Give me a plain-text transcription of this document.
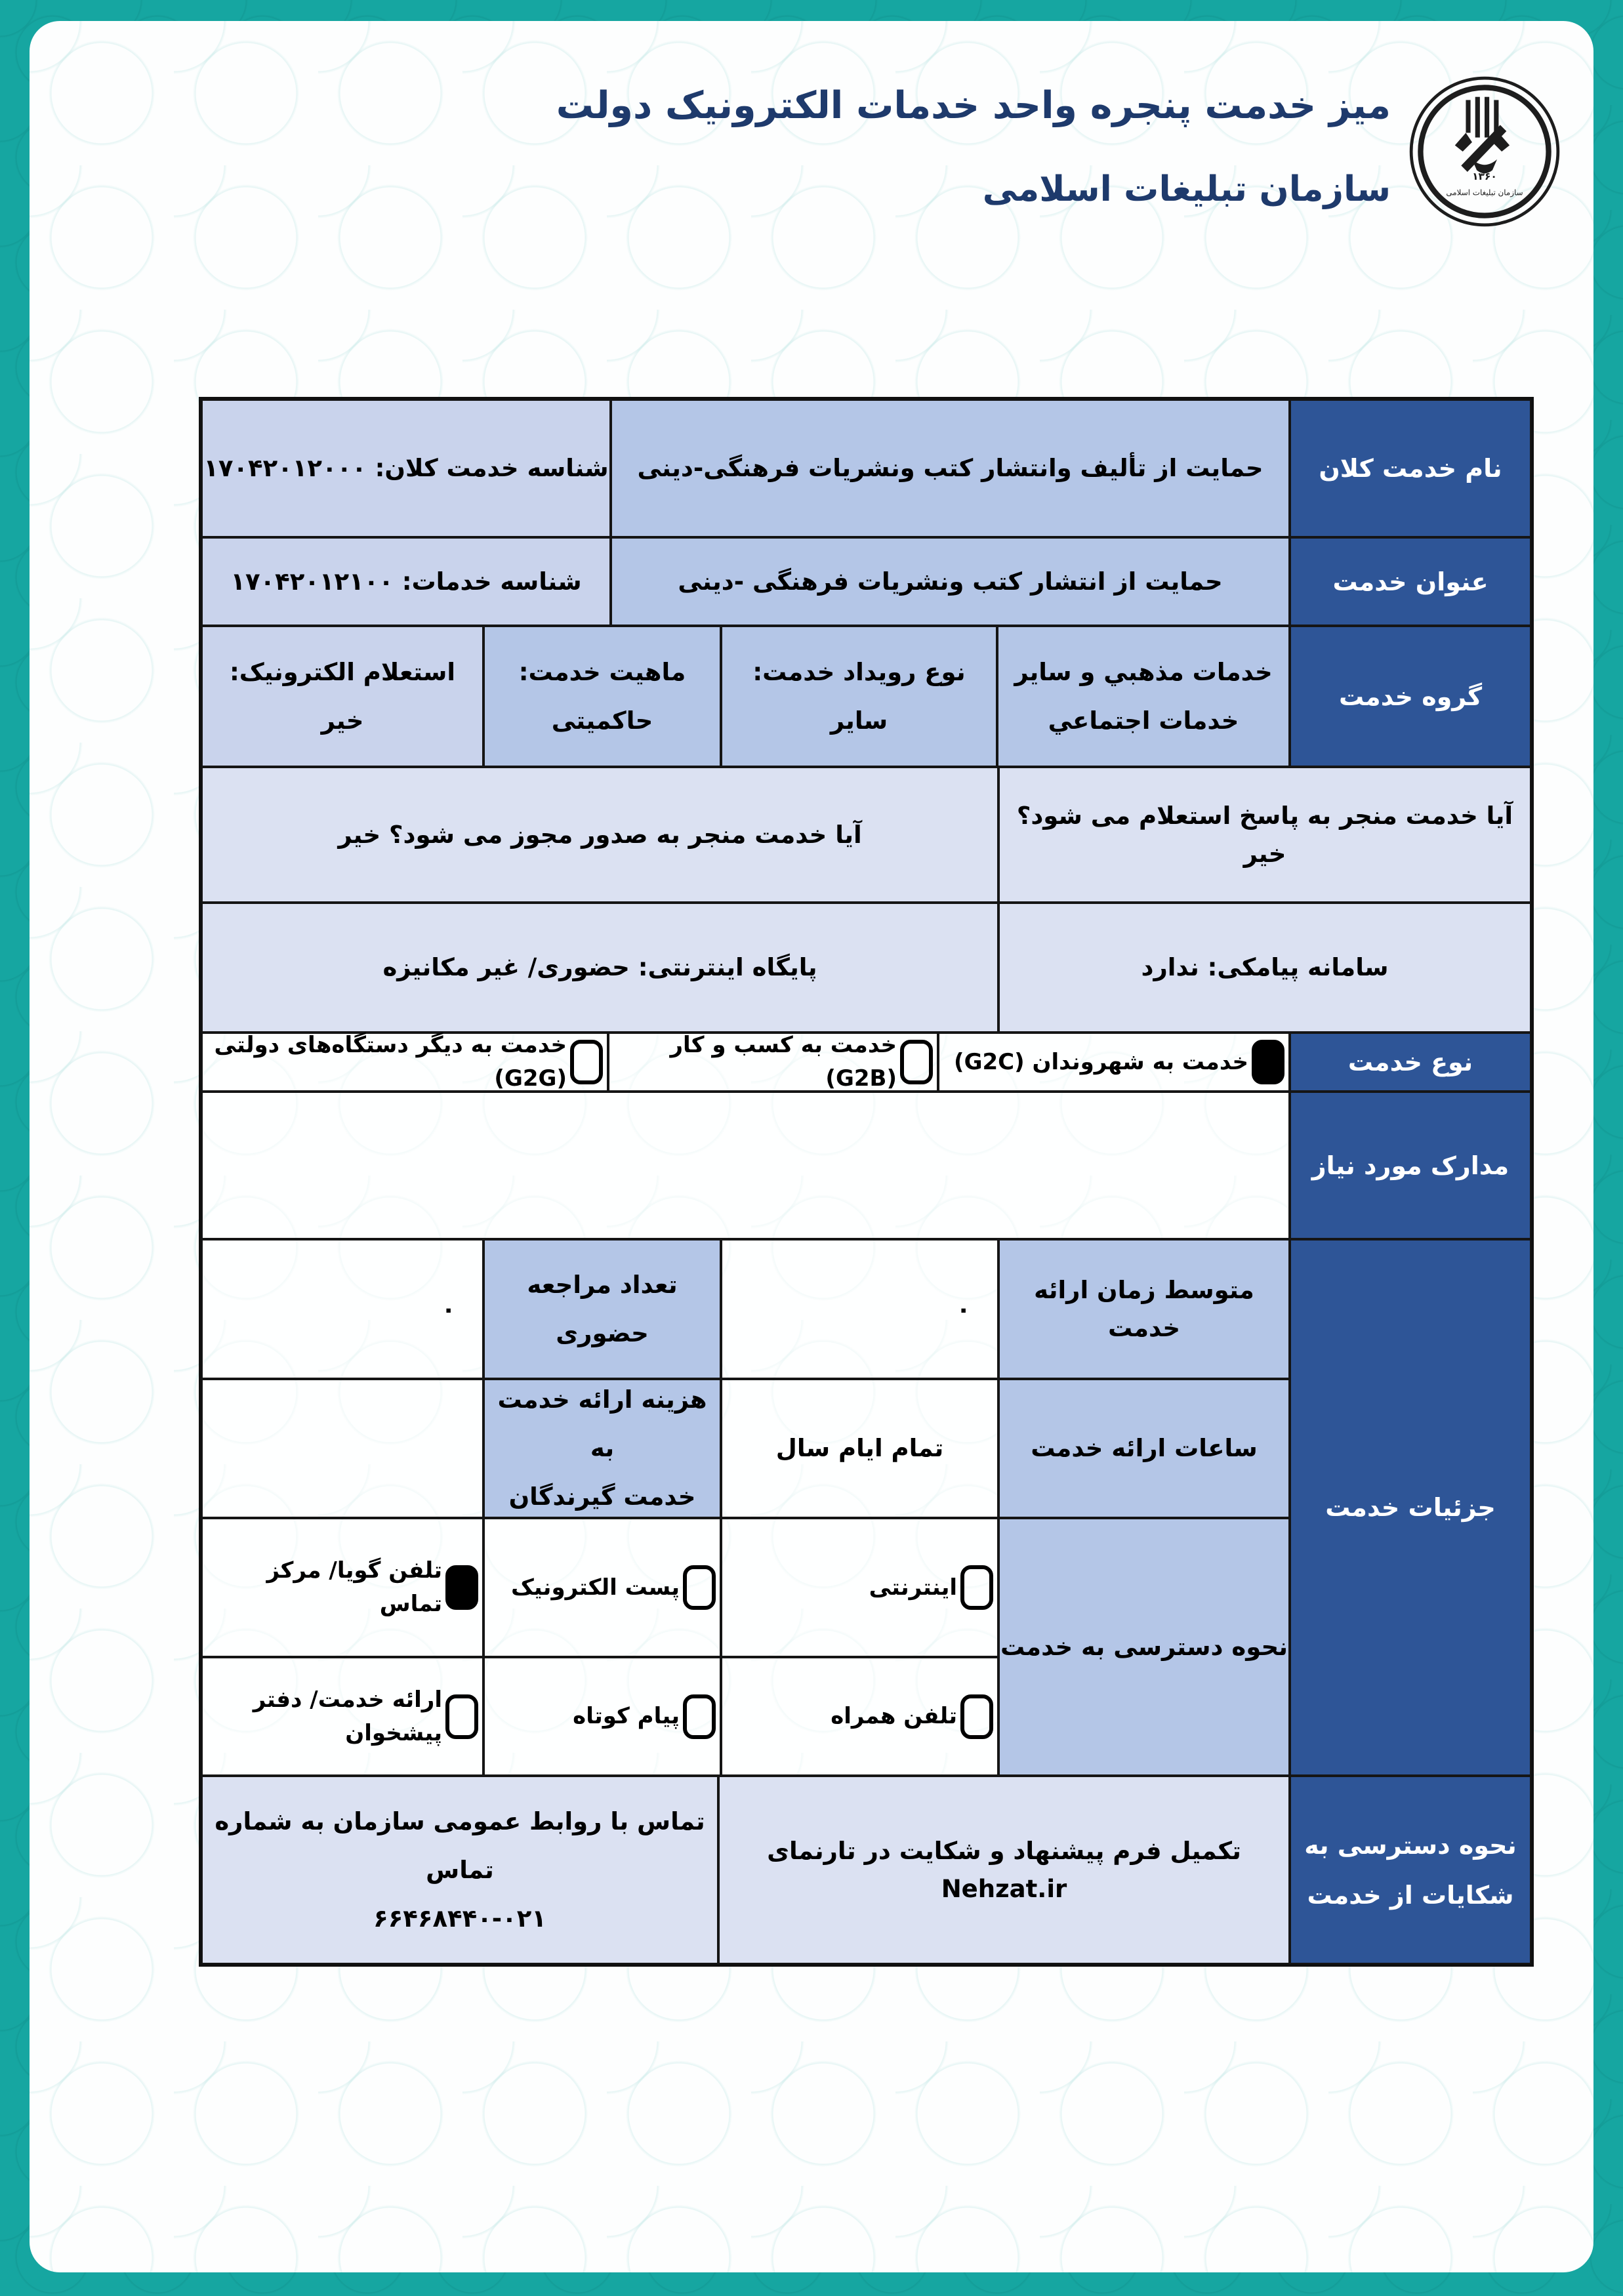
میز خدمت پنجره واحد خدمات الکترونیک دولت
سازمان تبلیغات اسلامی	۱۳۶۰
سازمان تبلیغات اسلامی
نام خدمت کلان
حمایت از تألیف وانتشار کتب ونشریات فرهنگی-دینی
شناسه خدمت کلان: ۱۷۰۴۲۰۱۲۰۰۰
عنوان خدمت
حمایت از انتشار کتب ونشریات فرهنگی -دینی
شناسه خدمات: ۱۷۰۴۲۰۱۲۱۰۰
گروه خدمت
خدمات مذهبي و سایر
خدمات اجتماعي
نوع رویداد خدمت:
سایر
ماهیت خدمت:
حاکمیتی
استعلام الکترونیک:
خیر
آیا خدمت منجر به پاسخ استعلام می شود؟ خیر
آیا خدمت منجر به صدور مجوز می شود؟ خیر
سامانه پیامکی: ندارد
پایگاه اینترنتی: حضوری/ غیر مکانیزه
نوع خدمت
خدمت به شهروندان (G2C)
خدمت به کسب و کار (G2B)
خدمت به دیگر دستگاه‌های دولتی (G2G)
مدارک مورد نیاز
جزئیات خدمت
متوسط زمان ارائه خدمت
۰
تعداد مراجعه
حضوری
۰
ساعات ارائه خدمت
تمام ایام سال
هزینه ارائه خدمت به
خدمت گیرندگان
نحوه دسترسی به خدمت
اینترنتی
پست الکترونیک
تلفن گویا/ مرکز تماس
تلفن همراه
پیام کوتاه
ارائه خدمت/ دفتر پیشخوان
نحوه دسترسی به
شکایات از خدمت
تکمیل فرم پیشنهاد و شکایت در تارنمای Nehzat.ir
تماس با روابط عمومی سازمان به شماره تماس
۶۶۴۶۸۴۴۰-۰۲۱
